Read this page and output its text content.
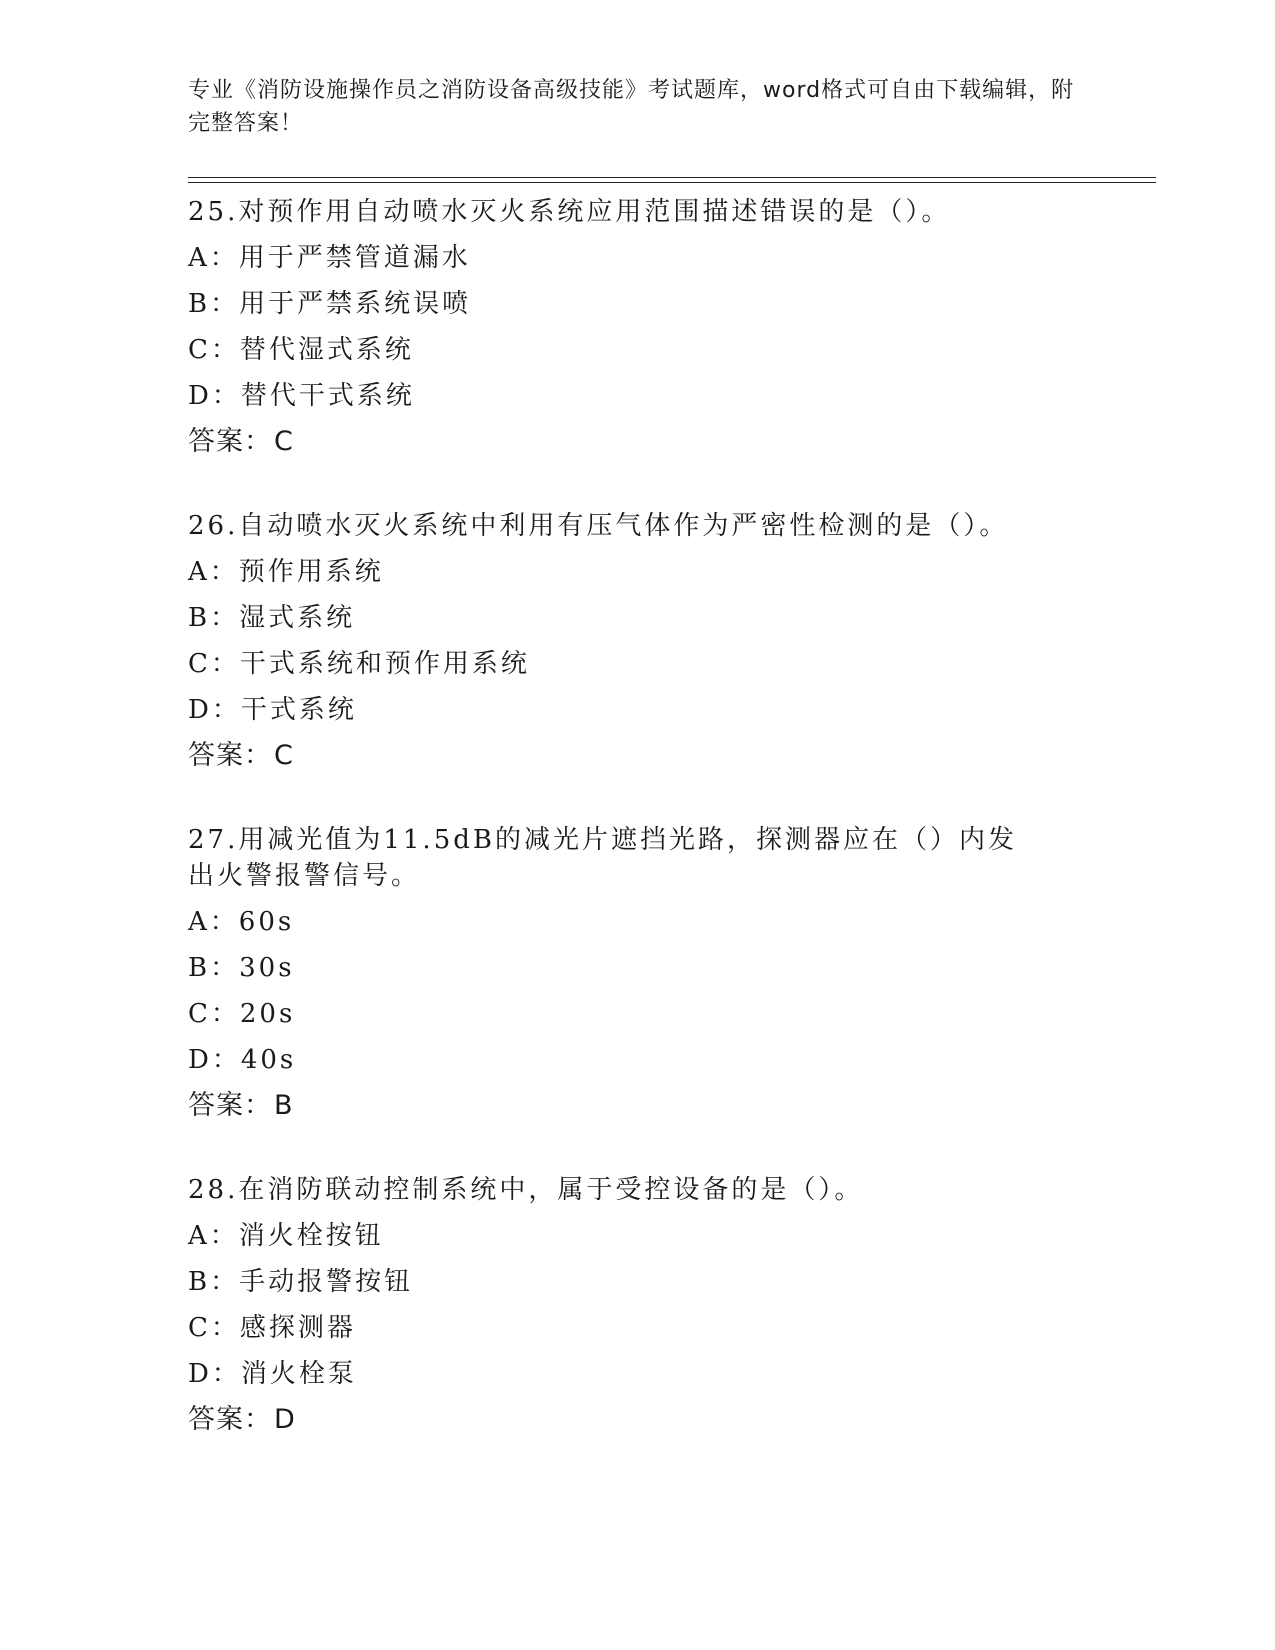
专业《消防设施操作员之消防设备高级技能》考试题库，word格式可自由下载编辑，附完整答案！
25.对预作用自动喷水灭火系统应用范围描述错误的是（）。
A：用于严禁管道漏水
B：用于严禁系统误喷
C：替代湿式系统
D：替代干式系统
答案：C
26.自动喷水灭火系统中利用有压气体作为严密性检测的是（）。
A：预作用系统
B：湿式系统
C：干式系统和预作用系统
D：干式系统
答案：C
27.用减光值为11.5dB的减光片遮挡光路，探测器应在（）内发出火警报警信号。
A：60s
B：30s
C：20s
D：40s
答案：B
28.在消防联动控制系统中，属于受控设备的是（）。
A：消火栓按钮
B：手动报警按钮
C：感探测器
D：消火栓泵
答案：D
